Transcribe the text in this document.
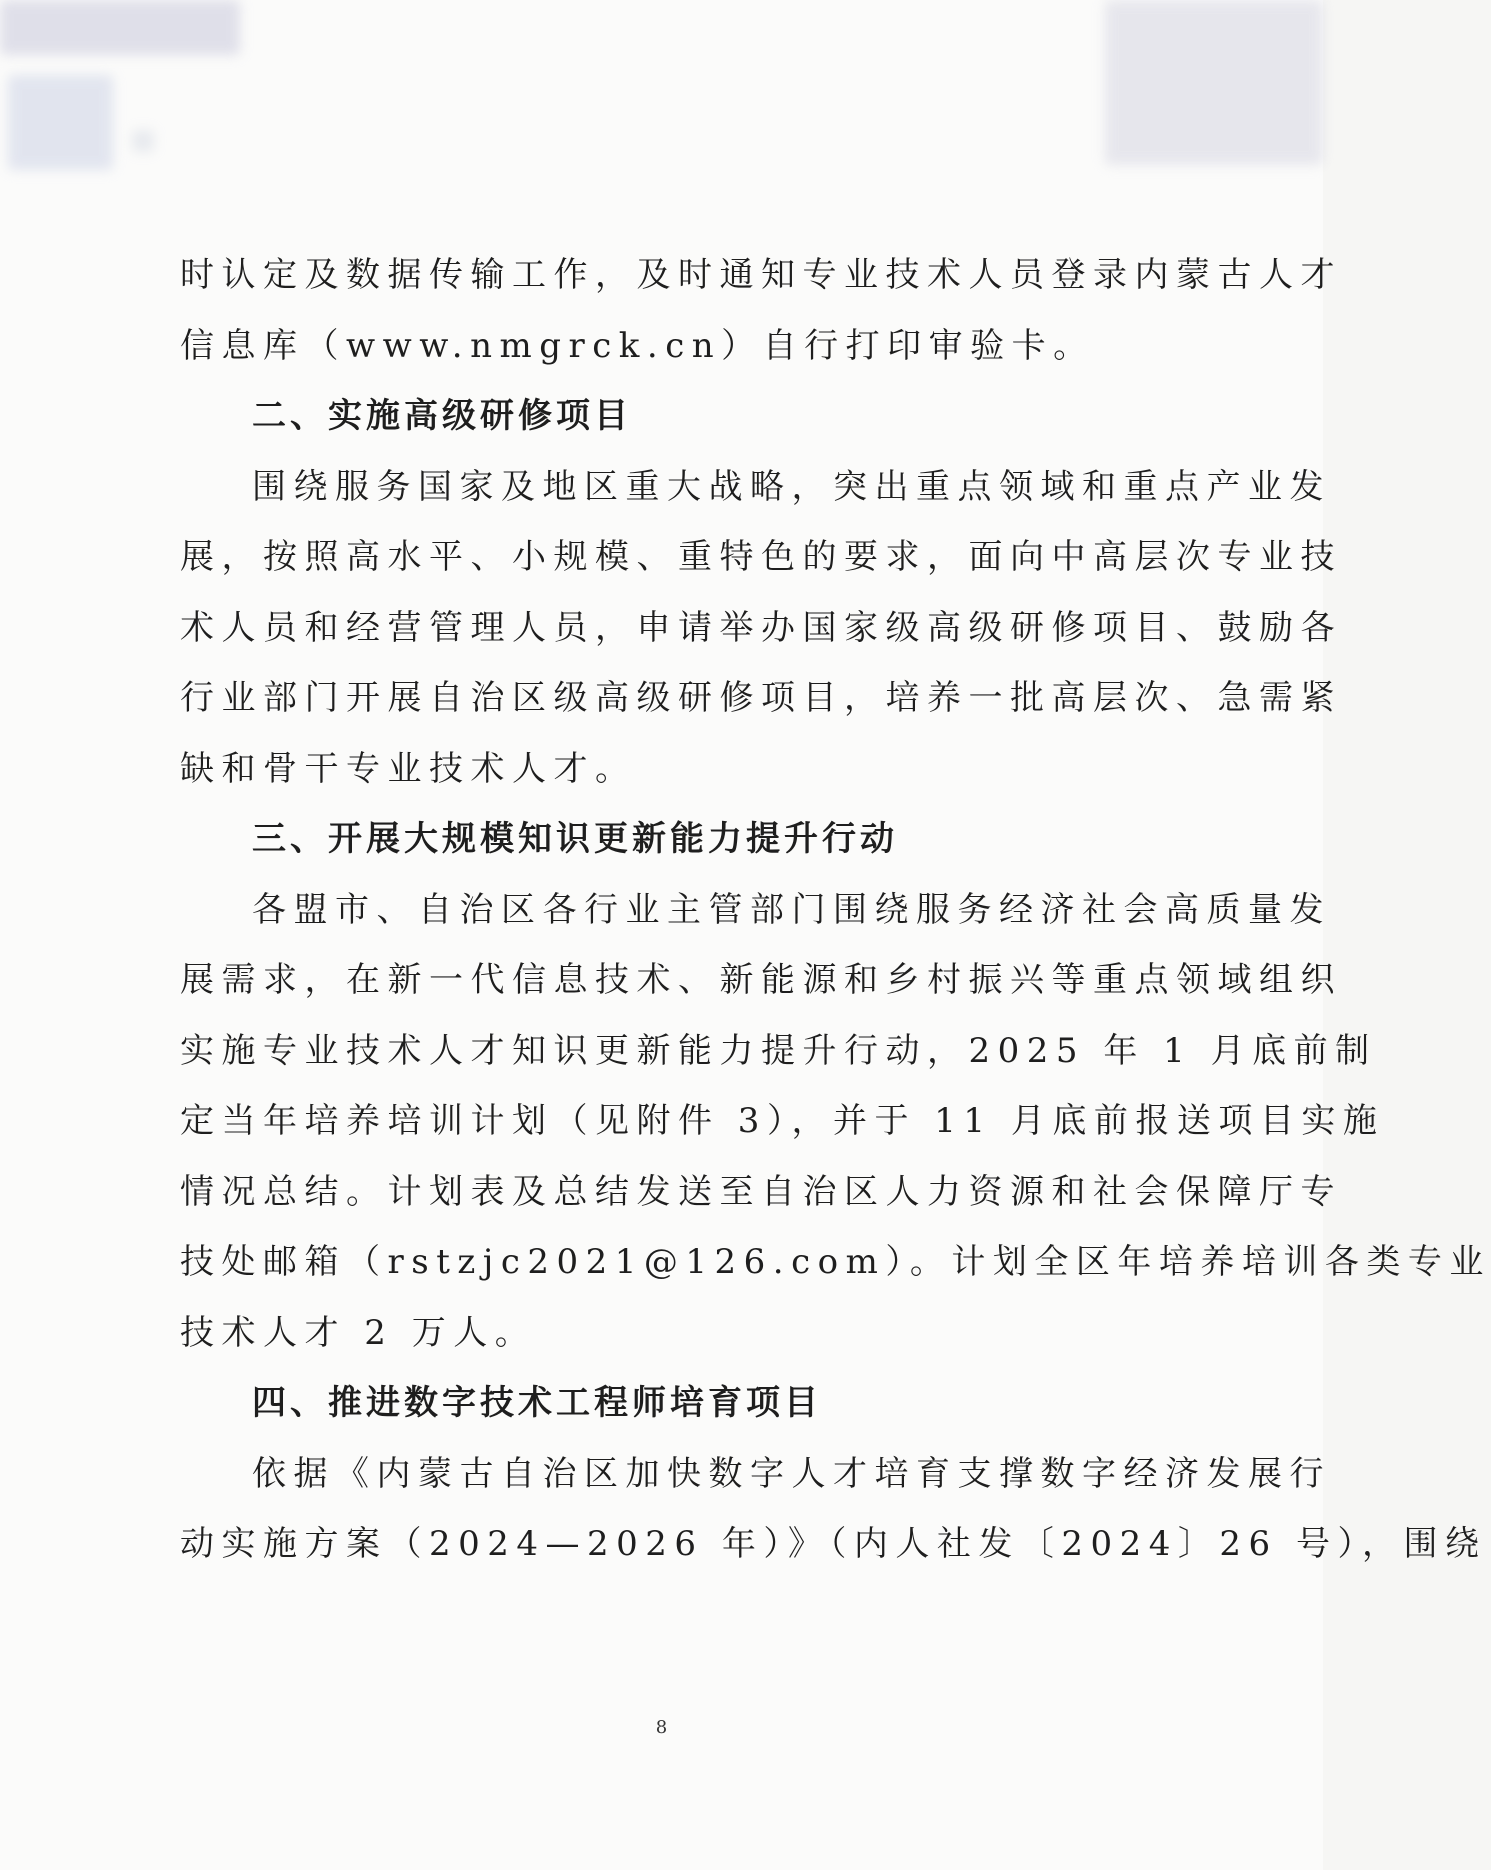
时认定及数据传输工作，及时通知专业技术人员登录内蒙古人才
信息库（www.nmgrck.cn）自行打印审验卡。
二、实施高级研修项目
围绕服务国家及地区重大战略，突出重点领域和重点产业发
展，按照高水平、小规模、重特色的要求，面向中高层次专业技
术人员和经营管理人员，申请举办国家级高级研修项目、鼓励各
行业部门开展自治区级高级研修项目，培养一批高层次、急需紧
缺和骨干专业技术人才。
三、开展大规模知识更新能力提升行动
各盟市、自治区各行业主管部门围绕服务经济社会高质量发
展需求，在新一代信息技术、新能源和乡村振兴等重点领域组织
实施专业技术人才知识更新能力提升行动，2025 年 1 月底前制
定当年培养培训计划（见附件 3），并于 11 月底前报送项目实施
情况总结。计划表及总结发送至自治区人力资源和社会保障厅专
技处邮箱（rstzjc2021@126.com）。计划全区年培养培训各类专业
技术人才 2 万人。
四、推进数字技术工程师培育项目
依据《内蒙古自治区加快数字人才培育支撑数字经济发展行
动实施方案（2024—2026 年）》（内人社发〔2024〕26 号），围绕
8
